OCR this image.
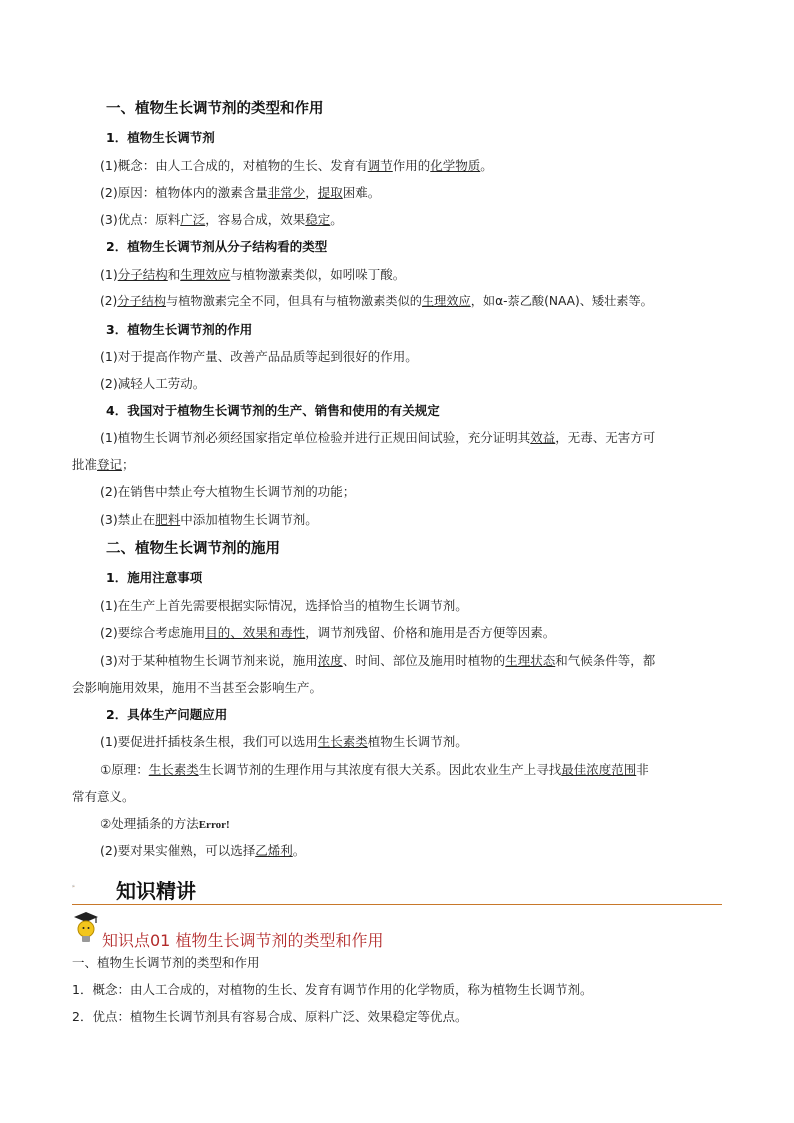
一、植物生长调节剂的类型和作用
1．植物生长调节剂
(1)概念：由人工合成的，对植物的生长、发育有调节作用的化学物质。
(2)原因：植物体内的激素含量非常少，提取困难。
(3)优点：原料广泛，容易合成，效果稳定。
2．植物生长调节剂从分子结构看的类型
(1)分子结构和生理效应与植物激素类似，如吲哚丁酸。
(2)分子结构与植物激素完全不同，但具有与植物激素类似的生理效应，如α-萘乙酸(NAA)、矮壮素等。
3．植物生长调节剂的作用
(1)对于提高作物产量、改善产品品质等起到很好的作用。
(2)减轻人工劳动。
4．我国对于植物生长调节剂的生产、销售和使用的有关规定
(1)植物生长调节剂必须经国家指定单位检验并进行正规田间试验，充分证明其效益，无毒、无害方可
批准登记；
(2)在销售中禁止夸大植物生长调节剂的功能；
(3)禁止在肥料中添加植物生长调节剂。
二、植物生长调节剂的施用
1．施用注意事项
(1)在生产上首先需要根据实际情况，选择恰当的植物生长调节剂。
(2)要综合考虑施用目的、效果和毒性，调节剂残留、价格和施用是否方便等因素。
(3)对于某种植物生长调节剂来说，施用浓度、时间、部位及施用时植物的生理状态和气候条件等，都
会影响施用效果，施用不当甚至会影响生产。
2．具体生产问题应用
(1)要促进扦插枝条生根，我们可以选用生长素类植物生长调节剂。
①原理：生长素类生长调节剂的生理作用与其浓度有很大关系。因此农业生产上寻找最佳浓度范围非
常有意义。
②处理插条的方法Error!
(2)要对果实催熟，可以选择乙烯利。
知识精讲
知识点01 植物生长调节剂的类型和作用
一、植物生长调节剂的类型和作用
1．概念：由人工合成的，对植物的生长、发育有调节作用的化学物质，称为植物生长调节剂。
2．优点：植物生长调节剂具有容易合成、原料广泛、效果稳定等优点。
